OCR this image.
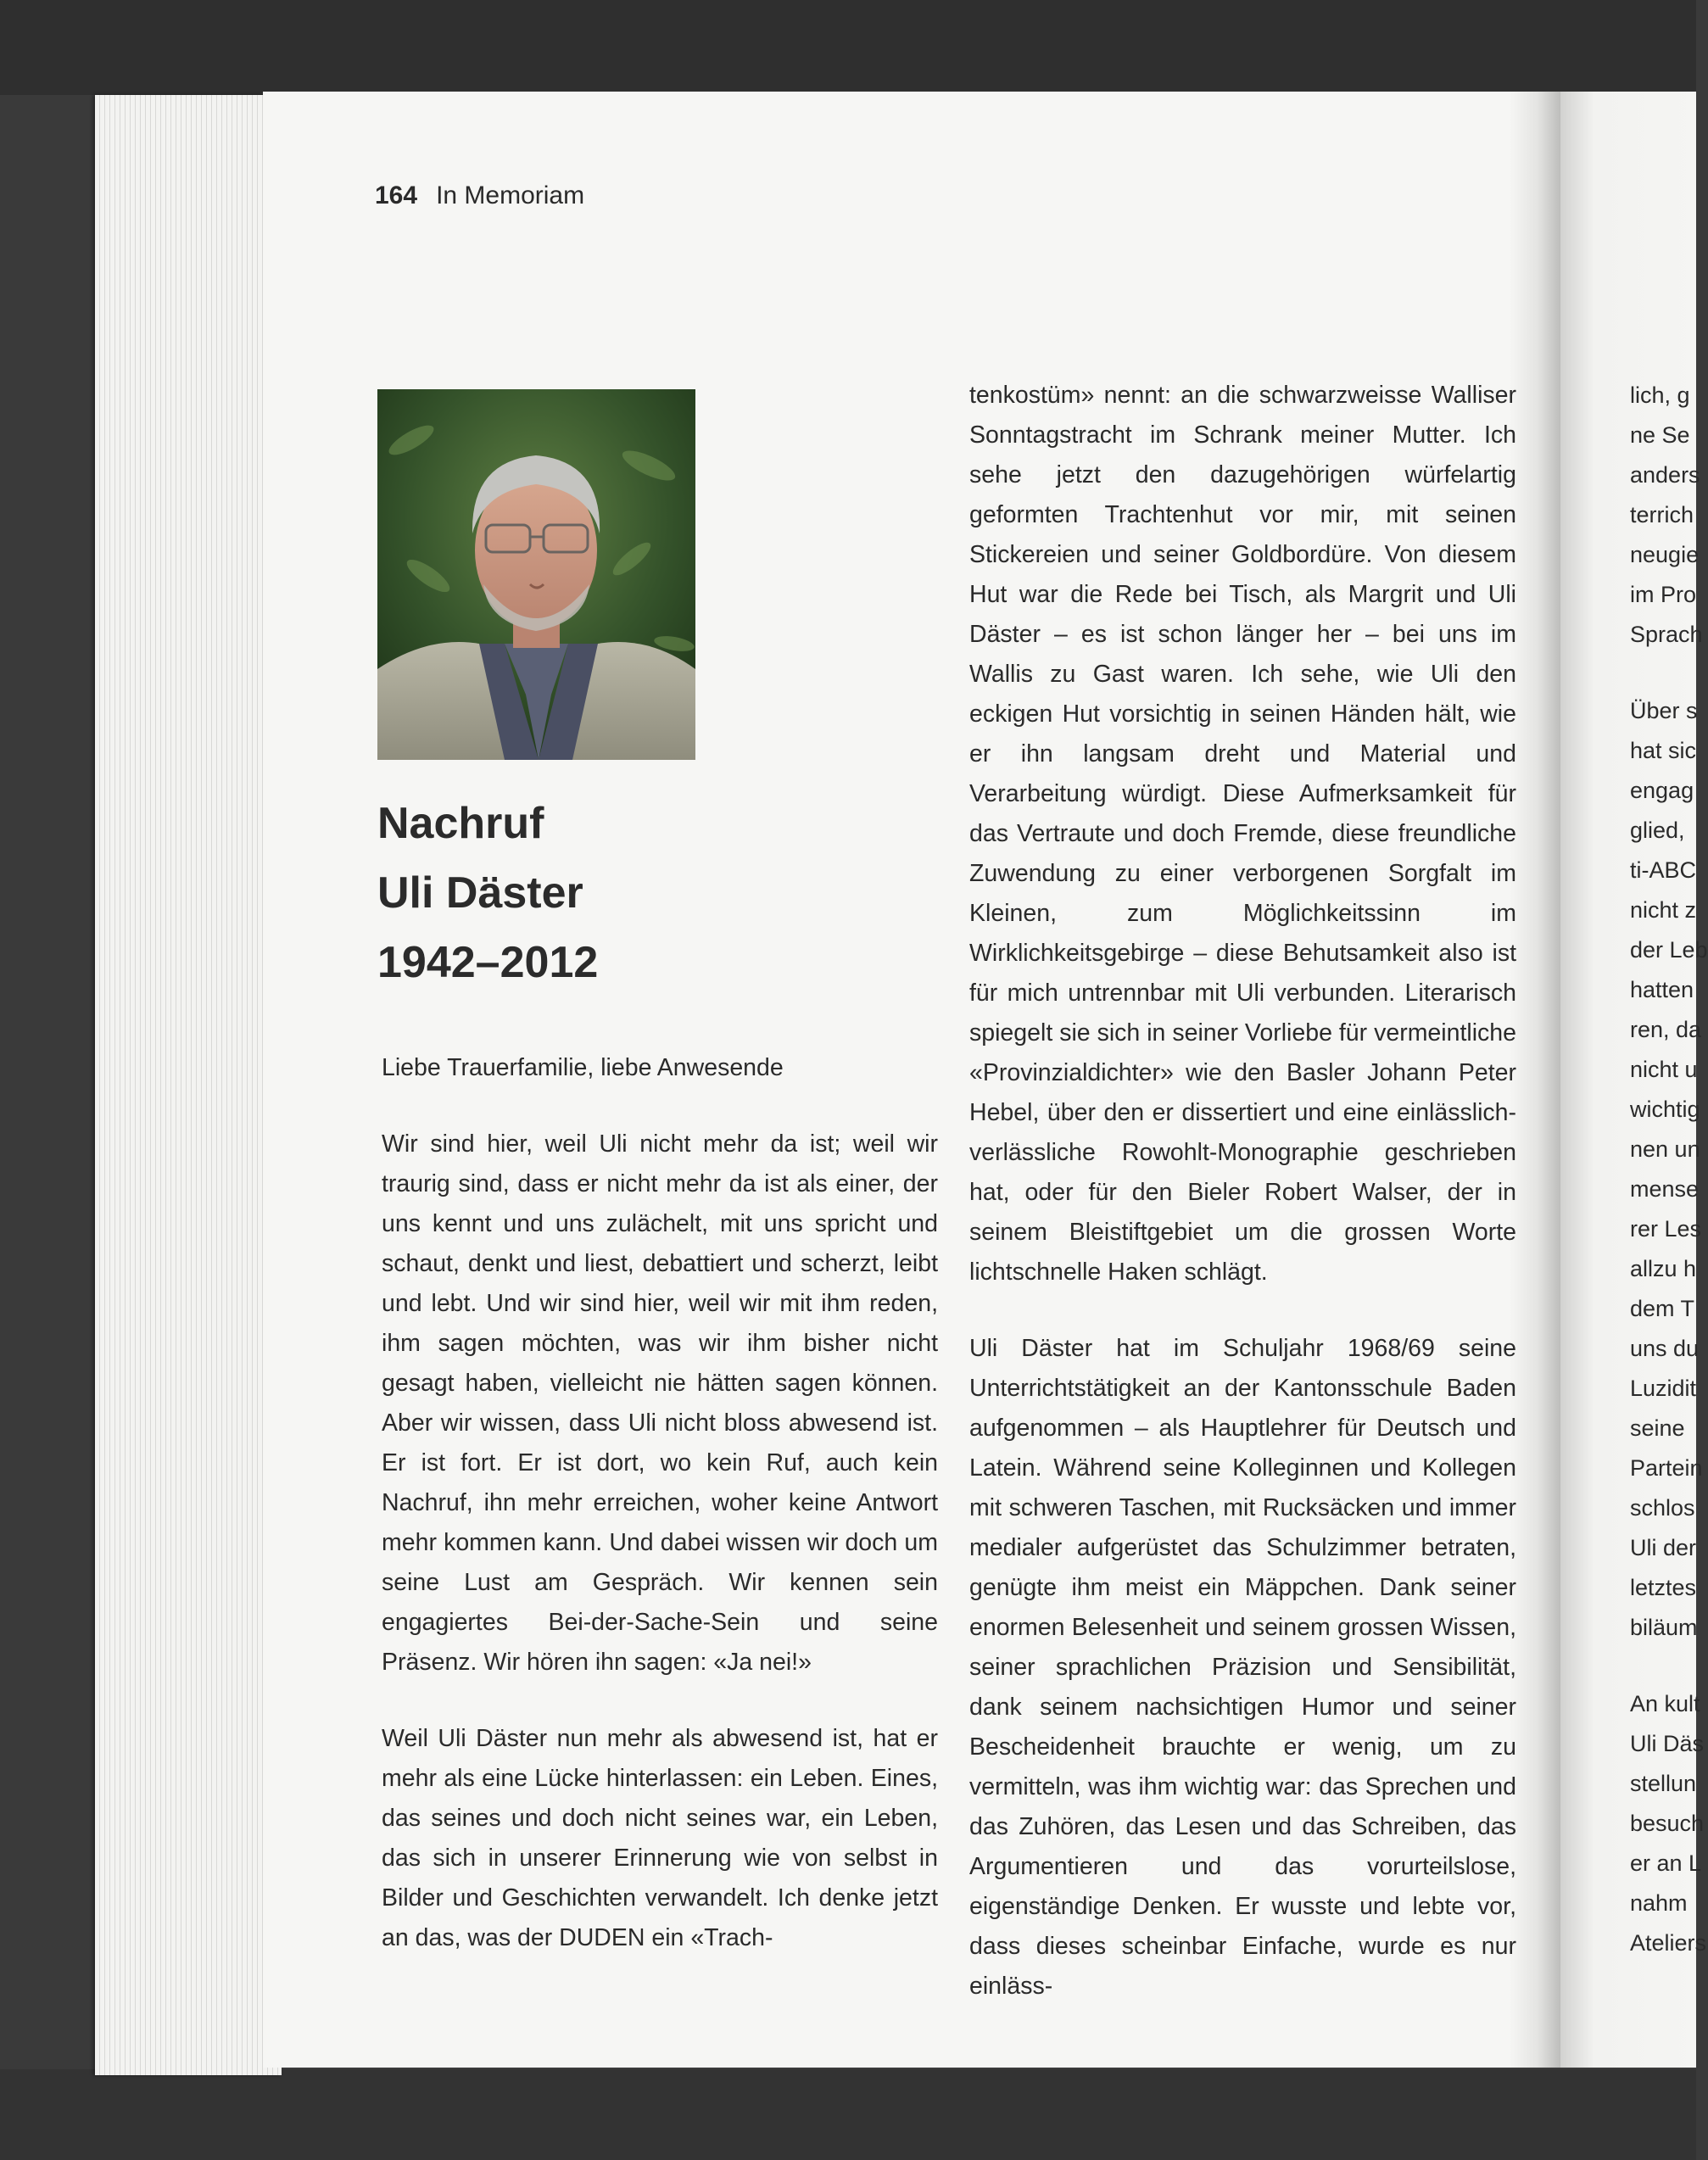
164 In Memoriam
Nachruf
Uli Däster
1942–2012

Liebe Trauerfamilie, liebe Anwesende

Wir sind hier, weil Uli nicht mehr da ist; weil wir traurig sind, dass er nicht mehr da ist als einer, der uns kennt und uns zulächelt, mit uns spricht und schaut, denkt und liest, debattiert und scherzt, leibt und lebt. Und wir sind hier, weil wir mit ihm reden, ihm sagen möchten, was wir ihm bisher nicht gesagt haben, vielleicht nie hätten sagen können. Aber wir wissen, dass Uli nicht bloss abwesend ist. Er ist fort. Er ist dort, wo kein Ruf, auch kein Nachruf, ihn mehr erreichen, woher keine Antwort mehr kommen kann. Und dabei wissen wir doch um seine Lust am Gespräch. Wir kennen sein engagiertes Bei-der-Sache-Sein und seine Präsenz. Wir hören ihn sagen: «Ja nei!»

Weil Uli Däster nun mehr als abwesend ist, hat er mehr als eine Lücke hinterlassen: ein Leben. Eines, das seines und doch nicht seines war, ein Leben, das sich in unserer Erinnerung wie von selbst in Bilder und Geschichten verwandelt. Ich denke jetzt an das, was der DUDEN ein «Trach-

tenkostüm» nennt: an die schwarzweisse Walliser Sonntagstracht im Schrank meiner Mutter. Ich sehe jetzt den dazugehörigen würfelartig geformten Trachtenhut vor mir, mit seinen Stickereien und seiner Goldbordüre. Von diesem Hut war die Rede bei Tisch, als Margrit und Uli Däster – es ist schon länger her – bei uns im Wallis zu Gast waren. Ich sehe, wie Uli den eckigen Hut vorsichtig in seinen Händen hält, wie er ihn langsam dreht und Material und Verarbeitung würdigt. Diese Aufmerksamkeit für das Vertraute und doch Fremde, diese freundliche Zuwendung zu einer verborgenen Sorgfalt im Kleinen, zum Möglichkeitssinn im Wirklichkeitsgebirge – diese Behutsamkeit also ist für mich untrennbar mit Uli verbunden. Literarisch spiegelt sie sich in seiner Vorliebe für vermeintliche «Provinzialdichter» wie den Basler Johann Peter Hebel, über den er dissertiert und eine einlässlich-verlässliche Rowohlt-Monographie geschrieben hat, oder für den Bieler Robert Walser, der in seinem Bleistiftgebiet um die grossen Worte lichtschnelle Haken schlägt.

Uli Däster hat im Schuljahr 1968/69 seine Unterrichtstätigkeit an der Kantonsschule Baden aufgenommen – als Hauptlehrer für Deutsch und Latein. Während seine Kolleginnen und Kollegen mit schweren Taschen, mit Rucksäcken und immer medialer aufgerüstet das Schulzimmer betraten, genügte ihm meist ein Mäppchen. Dank seiner enormen Belesenheit und seinem grossen Wissen, seiner sprachlichen Präzision und Sensibilität, dank seinem nachsichtigen Humor und seiner Bescheidenheit brauchte er wenig, um zu vermitteln, was ihm wichtig war: das Sprechen und das Zuhören, das Lesen und das Schreiben, das Argumentieren und das vorurteilslose, eigenständige Denken. Er wusste und lebte vor, dass dieses scheinbar Einfache, wurde es nur einläss-

lich, g
ne Se
anders
terrich
neugie
im Pro
Sprach
Über s
hat sic
engag
glied,
ti-ABC
nicht z
der Leb
hatten
ren, da
nicht u
wichtig
nen un
mense
rer Les
allzu h
dem T
uns du
Luzidit
seine
Partein
schlos
Uli der
letztes
biläum
An kult
Uli Däs
stellun
besuch
er an L
nahm
Ateliers
